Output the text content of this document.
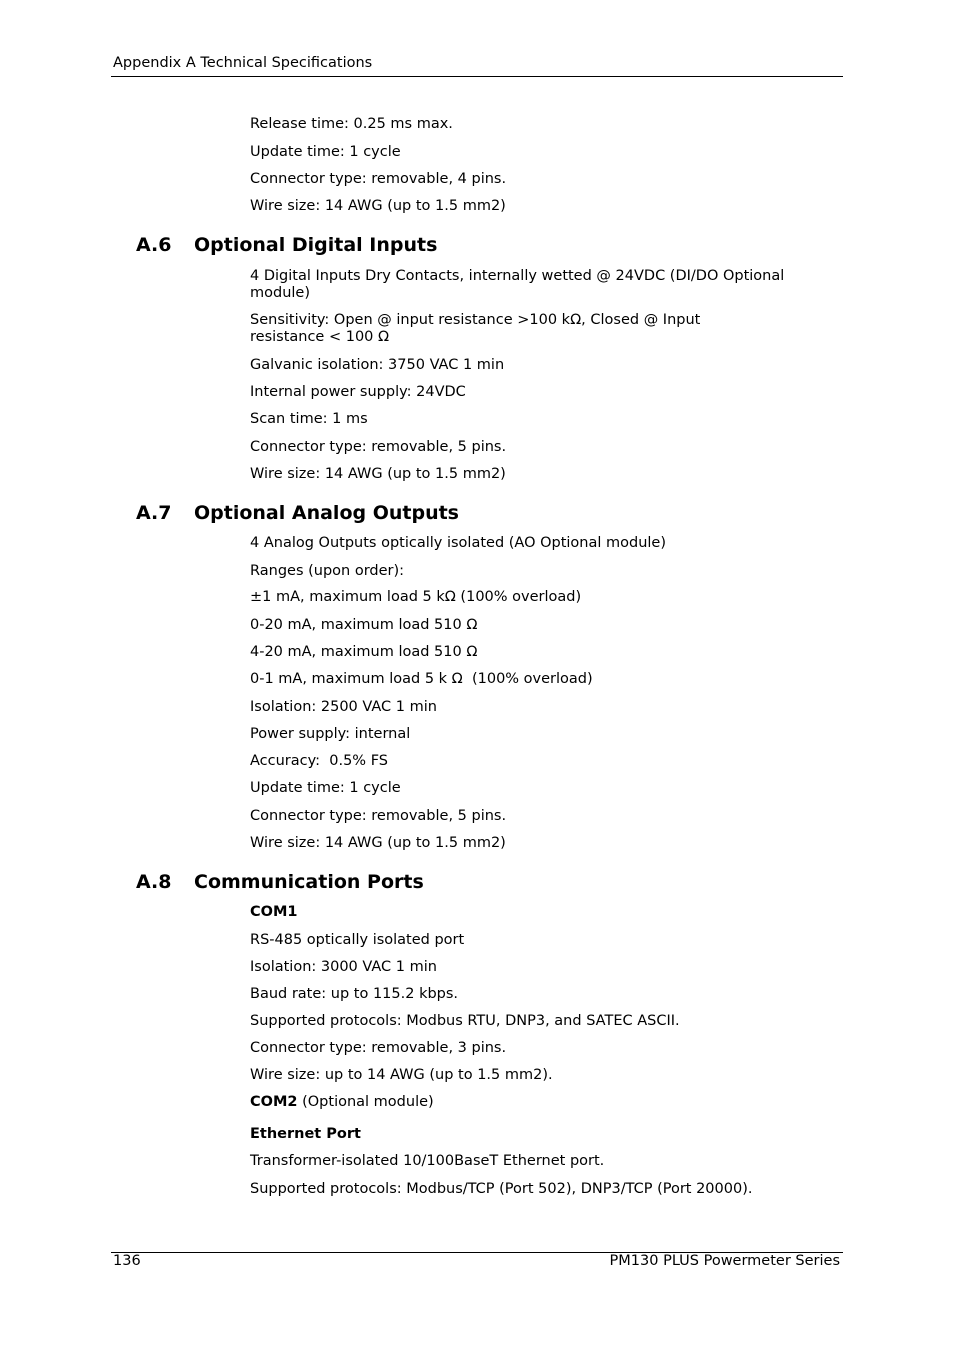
Appendix A Technical Specifications
Release time: 0.25 ms max.
Update time: 1 cycle
Connector type: removable, 4 pins.
Wire size: 14 AWG (up to 1.5 mm2)
A.6 Optional Digital Inputs
4 Digital Inputs Dry Contacts, internally wetted @ 24VDC (DI/DO Optional module)
Sensitivity: Open @ input resistance >100 kΩ, Closed @ Input resistance < 100 Ω
Galvanic isolation: 3750 VAC 1 min
Internal power supply: 24VDC
Scan time: 1 ms
Connector type: removable, 5 pins.
Wire size: 14 AWG (up to 1.5 mm2)
A.7 Optional Analog Outputs
4 Analog Outputs optically isolated (AO Optional module)
Ranges (upon order):
±1 mA, maximum load 5 kΩ (100% overload)
0-20 mA, maximum load 510 Ω
4-20 mA, maximum load 510 Ω
0-1 mA, maximum load 5 k Ω  (100% overload)
Isolation: 2500 VAC 1 min
Power supply: internal
Accuracy:  0.5% FS
Update time: 1 cycle
Connector type: removable, 5 pins.
Wire size: 14 AWG (up to 1.5 mm2)
A.8 Communication Ports
COM1
RS-485 optically isolated port
Isolation: 3000 VAC 1 min
Baud rate: up to 115.2 kbps.
Supported protocols: Modbus RTU, DNP3, and SATEC ASCII.
Connector type: removable, 3 pins.
Wire size: up to 14 AWG (up to 1.5 mm2).
COM2 (Optional module)
Ethernet Port
Transformer-isolated 10/100BaseT Ethernet port.
Supported protocols: Modbus/TCP (Port 502), DNP3/TCP (Port 20000).
136	PM130 PLUS Powermeter Series
